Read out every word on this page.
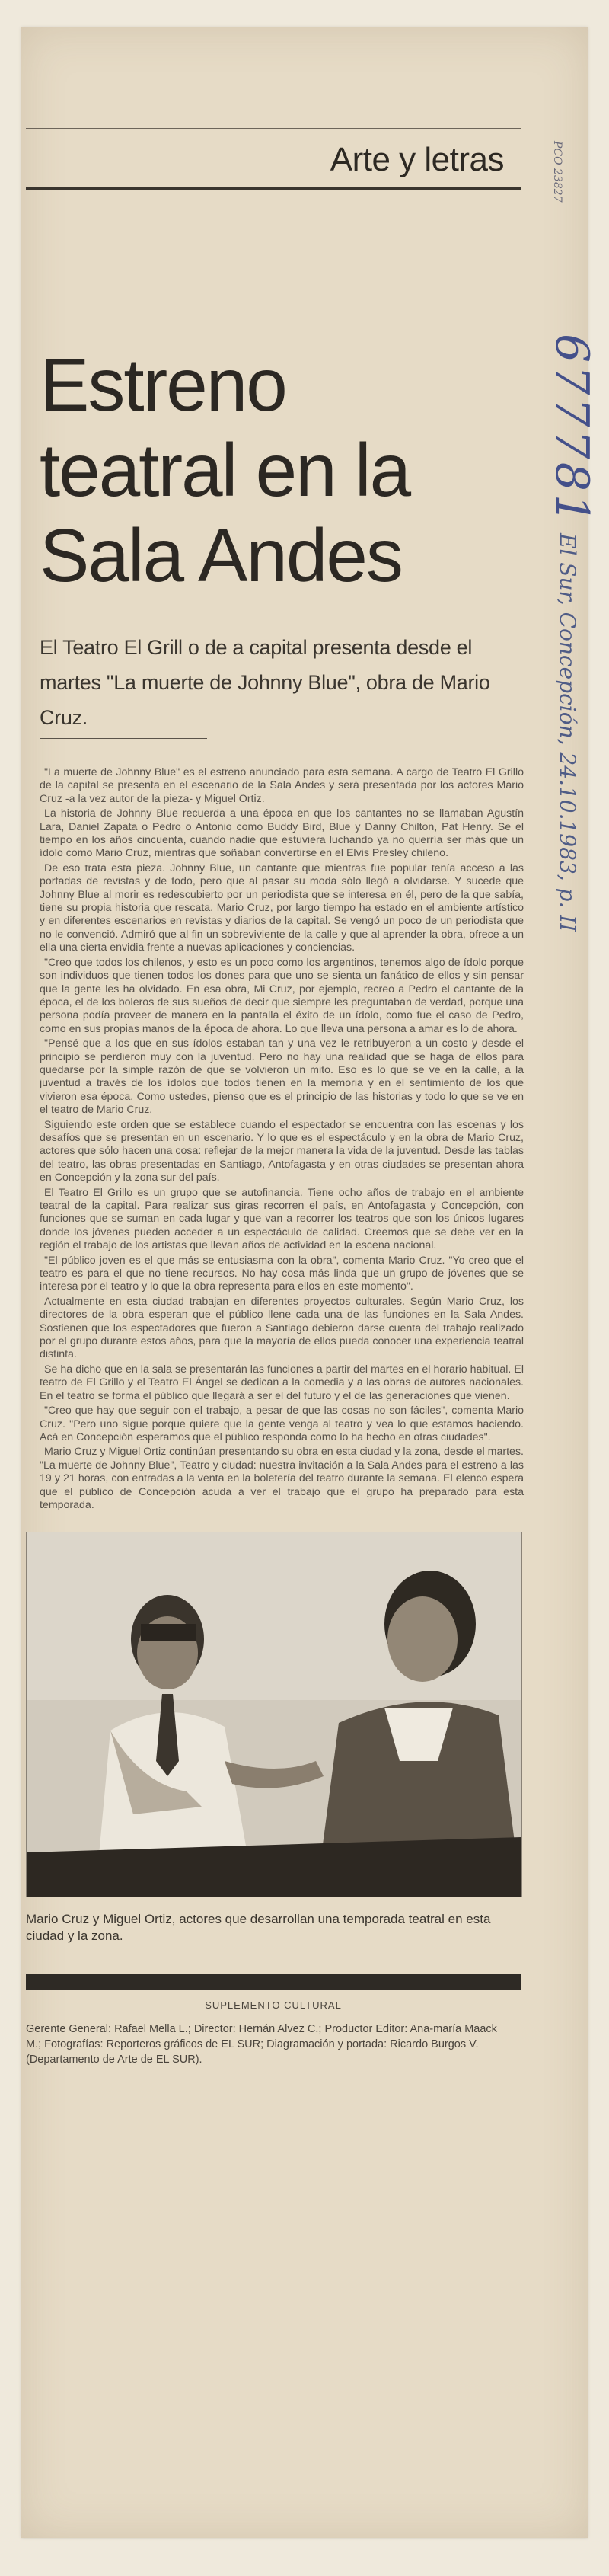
Arte y letras
Estreno
teatral en la
Sala Andes
El Teatro El Grill o de a capital presenta desde el martes "La muerte de Johnny Blue", obra de Mario Cruz.

"La muerte de Johnny Blue" es el estreno anunciado para esta semana. A cargo de Teatro El Grillo de la capital se presenta en el escenario de la Sala Andes y será presentada por los actores Mario Cruz -a la vez autor de la pieza- y Miguel Ortiz.

La historia de Johnny Blue recuerda a una época en que los cantantes no se llamaban Agustín Lara, Daniel Zapata o Pedro o Antonio como Buddy Bird, Blue y Danny Chilton, Pat Henry. Se el tiempo en los años cincuenta, cuando nadie que estuviera luchando ya no querría ser más que un ídolo como Mario Cruz, mientras que soñaban convertirse en el Elvis Presley chileno.

De eso trata esta pieza. Johnny Blue, un cantante que mientras fue popular tenía acceso a las portadas de revistas y de todo, pero que al pasar su moda sólo llegó a olvidarse. Y sucede que Johnny Blue al morir es redescubierto por un periodista que se interesa en él, pero de la que sabía, tiene su propia historia que rescata. Mario Cruz, por largo tiempo ha estado en el ambiente artístico y en diferentes escenarios en revistas y diarios de la capital. Se vengó un poco de un periodista que no le convenció. Admiró que al fin un sobreviviente de la calle y que al aprender la obra, ofrece a un ella una cierta envidia frente a nuevas aplicaciones y conciencias.

"Creo que todos los chilenos, y esto es un poco como los argentinos, tenemos algo de ídolo porque son individuos que tienen todos los dones para que uno se sienta un fanático de ellos y sin pensar que la gente les ha olvidado. En esa obra, Mi Cruz, por ejemplo, recreo a Pedro el cantante de la época, el de los boleros de sus sueños de decir que siempre les preguntaban de verdad, porque una persona podía proveer de manera en la pantalla el éxito de un ídolo, como fue el caso de Pedro, como en sus propias manos de la época de ahora. Lo que lleva una persona a amar es lo de ahora.

"Pensé que a los que en sus ídolos estaban tan y una vez le retribuyeron a un costo y desde el principio se perdieron muy con la juventud. Pero no hay una realidad que se haga de ellos para quedarse por la simple razón de que se volvieron un mito. Eso es lo que se ve en la calle, a la juventud a través de los ídolos que todos tienen en la memoria y en el sentimiento de los que vivieron esa época. Como ustedes, pienso que es el principio de las historias y todo lo que se ve en el teatro de Mario Cruz.

Siguiendo este orden que se establece cuando el espectador se encuentra con las escenas y los desafíos que se presentan en un escenario. Y lo que es el espectáculo y en la obra de Mario Cruz, actores que sólo hacen una cosa: reflejar de la mejor manera la vida de la juventud. Desde las tablas del teatro, las obras presentadas en Santiago, Antofagasta y en otras ciudades se presentan ahora en Concepción y la zona sur del país.

El Teatro El Grillo es un grupo que se autofinancia. Tiene ocho años de trabajo en el ambiente teatral de la capital. Para realizar sus giras recorren el país, en Antofagasta y Concepción, con funciones que se suman en cada lugar y que van a recorrer los teatros que son los únicos lugares donde los jóvenes pueden acceder a un espectáculo de calidad. Creemos que se debe ver en la región el trabajo de los artistas que llevan años de actividad en la escena nacional.

"El público joven es el que más se entusiasma con la obra", comenta Mario Cruz. "Yo creo que el teatro es para el que no tiene recursos. No hay cosa más linda que un grupo de jóvenes que se interesa por el teatro y lo que la obra representa para ellos en este momento".

Actualmente en esta ciudad trabajan en diferentes proyectos culturales. Según Mario Cruz, los directores de la obra esperan que el público llene cada una de las funciones en la Sala Andes. Sostienen que los espectadores que fueron a Santiago debieron darse cuenta del trabajo realizado por el grupo durante estos años, para que la mayoría de ellos pueda conocer una experiencia teatral distinta.

Se ha dicho que en la sala se presentarán las funciones a partir del martes en el horario habitual. El teatro de El Grillo y el Teatro El Ángel se dedican a la comedia y a las obras de autores nacionales. En el teatro se forma el público que llegará a ser el del futuro y el de las generaciones que vienen.

"Creo que hay que seguir con el trabajo, a pesar de que las cosas no son fáciles", comenta Mario Cruz. "Pero uno sigue porque quiere que la gente venga al teatro y vea lo que estamos haciendo. Acá en Concepción esperamos que el público responda como lo ha hecho en otras ciudades".

Mario Cruz y Miguel Ortiz continúan presentando su obra en esta ciudad y la zona, desde el martes. "La muerte de Johnny Blue", Teatro y ciudad: nuestra invitación a la Sala Andes para el estreno a las 19 y 21 horas, con entradas a la venta en la boletería del teatro durante la semana. El elenco espera que el público de Concepción acuda a ver el trabajo que el grupo ha preparado para esta temporada.

Mario Cruz y Miguel Ortiz, actores que desarrollan una temporada teatral en esta ciudad y la zona.
SUPLEMENTO CULTURAL
Gerente General: Rafael Mella L.; Director: Hernán Alvez C.; Productor Editor: Ana-maría Maack M.; Fotografías: Reporteros gráficos de EL SUR; Diagramación y portada: Ricardo Burgos V. (Departamento de Arte de EL SUR).
PCO 23827
677781
El Sur, Concepción, 24.10.1983, p. II
